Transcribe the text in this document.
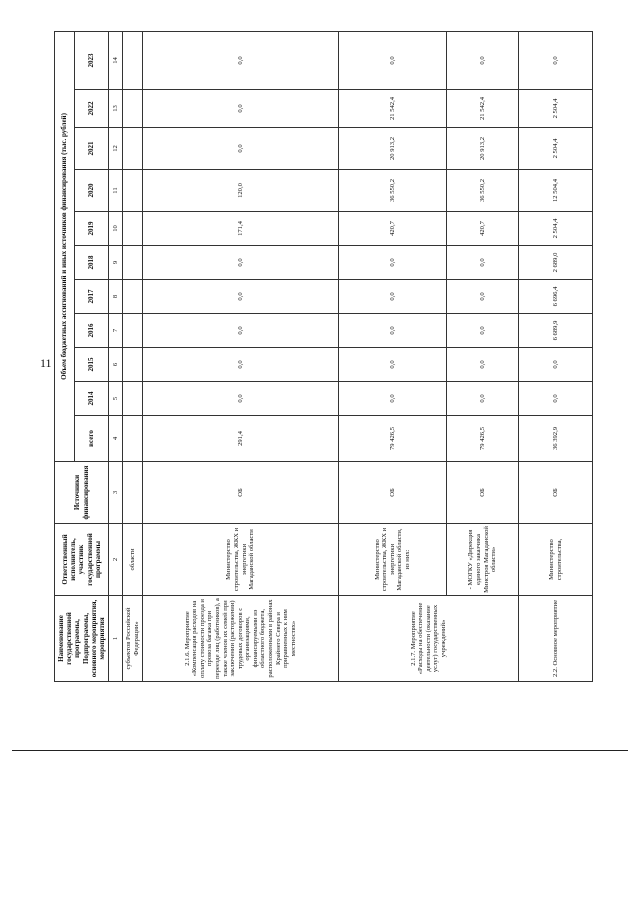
11
Наименование государственной программы, Подпрограммы, основного мероприятия, мероприятия	Ответственный исполнитель, участник государственной программы	Источники финансирования	Объем бюджетных ассигнований и иных источников финансирования (тыс. рублей)										
			всего	2014	2015	2016	2017	2018	2019	2020	2021	2022	2023
1	2	3	4	5	6	7	8	9	10	11	12	13	14
субъектов Российской Федерации»	области												
2.1.6. Мероприятие «Компенсация расходов на оплату стоимости проезда и провоза багажа при переезде лиц (работников), а также членов их семей при заключении (расторжении) трудовых договоров с организациями, финансируемыми из областного бюджета, расположенными в районах Крайнего Севера и приравненных к ним местностях»	Министерство строительства, ЖКХ и энергетики Магаданской области	ОБ	291,4	0,0	0,0	0,0	0,0	0,0	171,4	120,0	0,0	0,0	0,0
2.1.7. Мероприятие «Расходы на обеспечение деятельности (оказание услуг) государственных учреждений»	Министерство строительства, ЖКХ и энергетики Магаданской области, из них:	ОБ	79 426,5	0,0	0,0	0,0	0,0	0,0	420,7	36 550,2	20 913,2	21 542,4	0,0
	- МОГКУ «Дирекция единого заказчика Минстроя Магаданской области»	ОБ	79 426,5	0,0	0,0	0,0	0,0	0,0	420,7	36 550,2	20 913,2	21 542,4	0,0
2.2. Основное мероприятие	Министерство строительства,	ОБ	36 392,9	0,0	0,0	6 689,9	6 696,4	2 689,0	2 504,4	12 504,4	2 504,4	2 504,4	0,0
